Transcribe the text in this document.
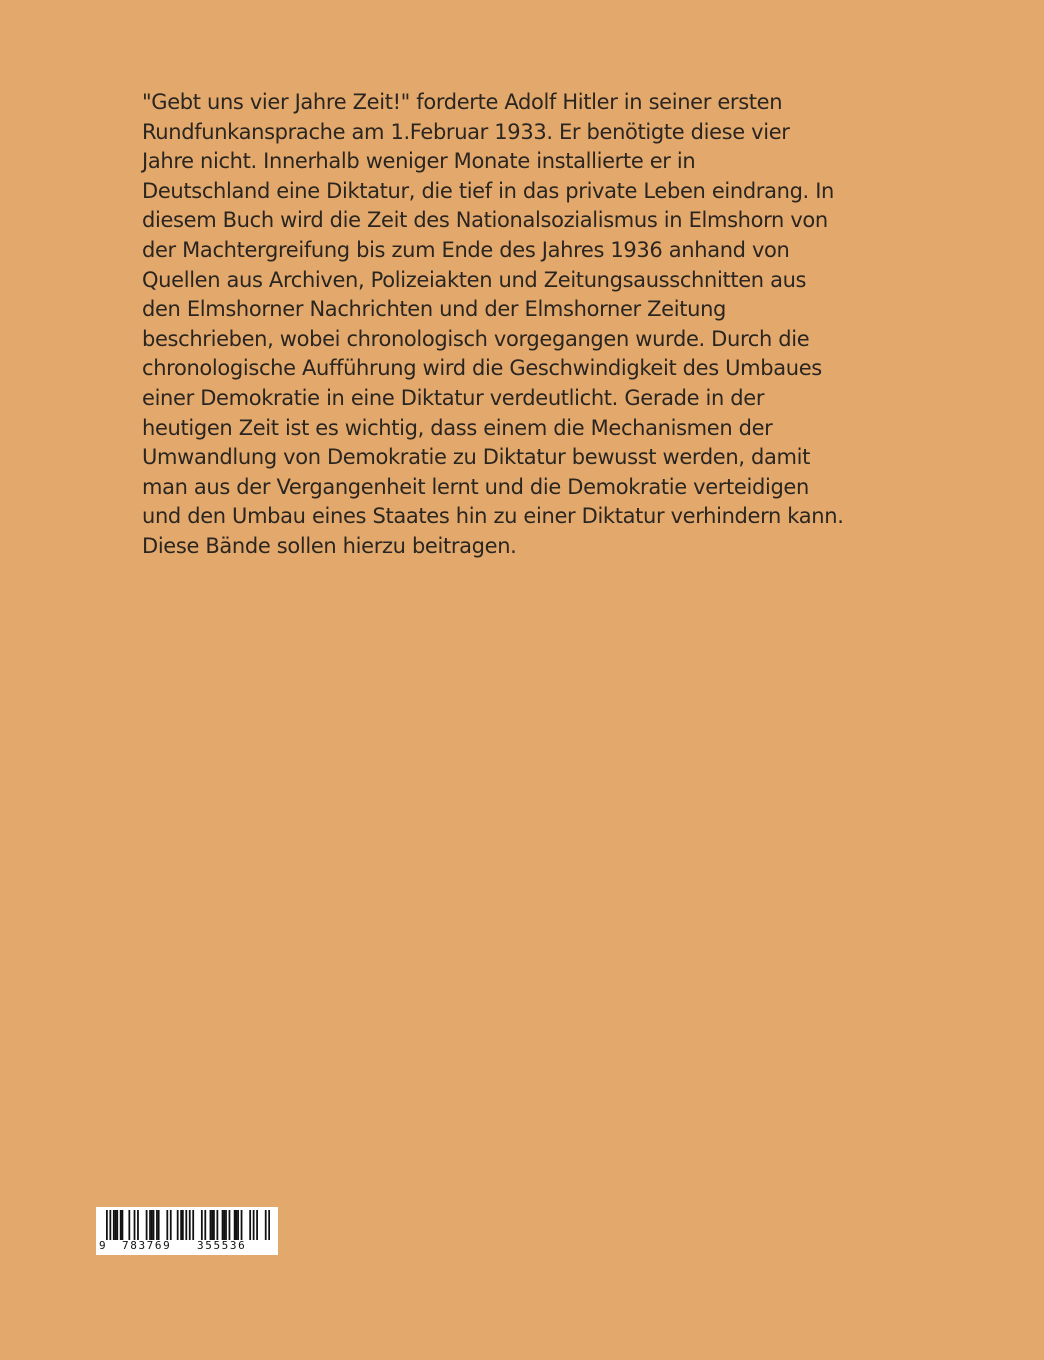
"Gebt uns vier Jahre Zeit!" forderte Adolf Hitler in seiner ersten
Rundfunkansprache am 1.Februar 1933. Er benötigte diese vier
Jahre nicht. Innerhalb weniger Monate installierte er in
Deutschland eine Diktatur, die tief in das private Leben eindrang. In
diesem Buch wird die Zeit des Nationalsozialismus in Elmshorn von
der Machtergreifung bis zum Ende des Jahres 1936 anhand von
Quellen aus Archiven, Polizeiakten und Zeitungsausschnitten aus
den Elmshorner Nachrichten und der Elmshorner Zeitung
beschrieben, wobei chronologisch vorgegangen wurde. Durch die
chronologische Aufführung wird die Geschwindigkeit des Umbaues
einer Demokratie in eine Diktatur verdeutlicht. Gerade in der
heutigen Zeit ist es wichtig, dass einem die Mechanismen der
Umwandlung von Demokratie zu Diktatur bewusst werden, damit
man aus der Vergangenheit lernt und die Demokratie verteidigen
und den Umbau eines Staates hin zu einer Diktatur verhindern kann.
Diese Bände sollen hierzu beitragen.
9 783769 355536
